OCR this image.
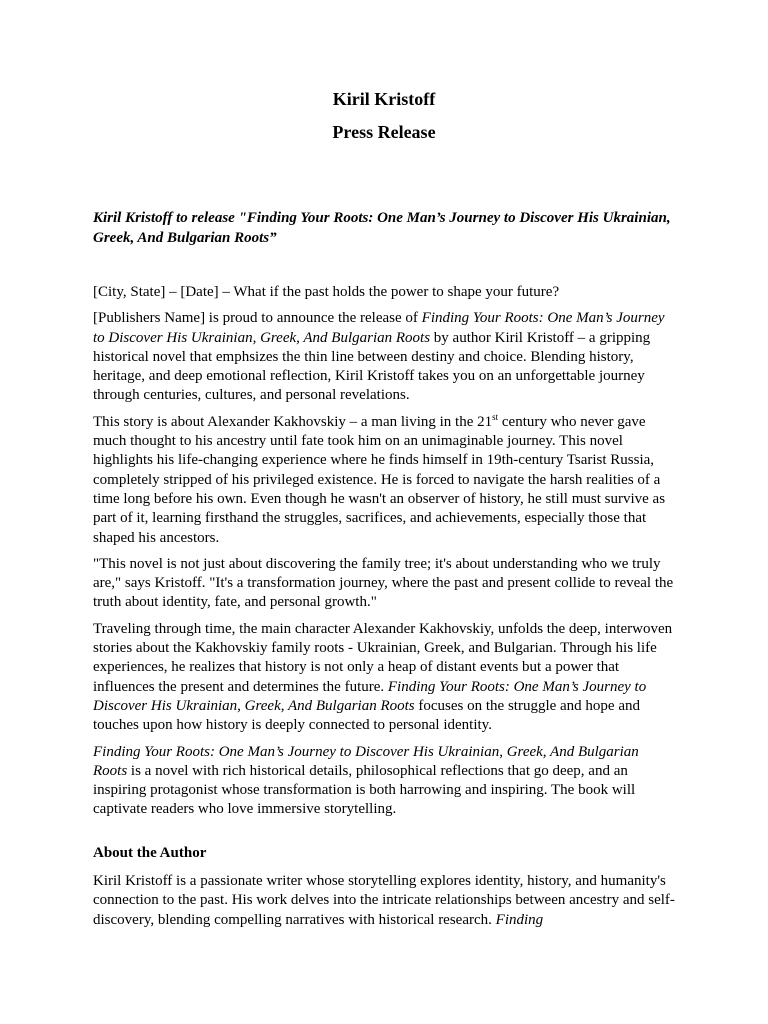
Kiril Kristoff
Press Release

Kiril Kristoff to release "Finding Your Roots: One Man’s Journey to Discover His Ukrainian, Greek, And Bulgarian Roots”

[City, State] – [Date] – What if the past holds the power to shape your future?

[Publishers Name] is proud to announce the release of Finding Your Roots: One Man’s Journey to Discover His Ukrainian, Greek, And Bulgarian Roots by author Kiril Kristoff – a gripping historical novel that emphsizes the thin line between destiny and choice. Blending history, heritage, and deep emotional reflection, Kiril Kristoff takes you on an unforgettable journey through centuries, cultures, and personal revelations.

This story is about Alexander Kakhovskiy – a man living in the 21st century who never gave much thought to his ancestry until fate took him on an unimaginable journey. This novel highlights his life-changing experience where he finds himself in 19th-century Tsarist Russia, completely stripped of his privileged existence. He is forced to navigate the harsh realities of a time long before his own. Even though he wasn't an observer of history, he still must survive as part of it, learning firsthand the struggles, sacrifices, and achievements, especially those that shaped his ancestors.

"This novel is not just about discovering the family tree; it's about understanding who we truly are," says Kristoff. "It's a transformation journey, where the past and present collide to reveal the truth about identity, fate, and personal growth."

Traveling through time, the main character Alexander Kakhovskiy, unfolds the deep, interwoven stories about the Kakhovskiy family roots - Ukrainian, Greek, and Bulgarian. Through his life experiences, he realizes that history is not only a heap of distant events but a power that influences the present and determines the future. Finding Your Roots: One Man’s Journey to Discover His Ukrainian, Greek, And Bulgarian Roots focuses on the struggle and hope and touches upon how history is deeply connected to personal identity.

Finding Your Roots: One Man’s Journey to Discover His Ukrainian, Greek, And Bulgarian Roots is a novel with rich historical details, philosophical reflections that go deep, and an inspiring protagonist whose transformation is both harrowing and inspiring. The book will captivate readers who love immersive storytelling.

About the Author

Kiril Kristoff is a passionate writer whose storytelling explores identity, history, and humanity's connection to the past. His work delves into the intricate relationships between ancestry and self-discovery, blending compelling narratives with historical research. Finding
